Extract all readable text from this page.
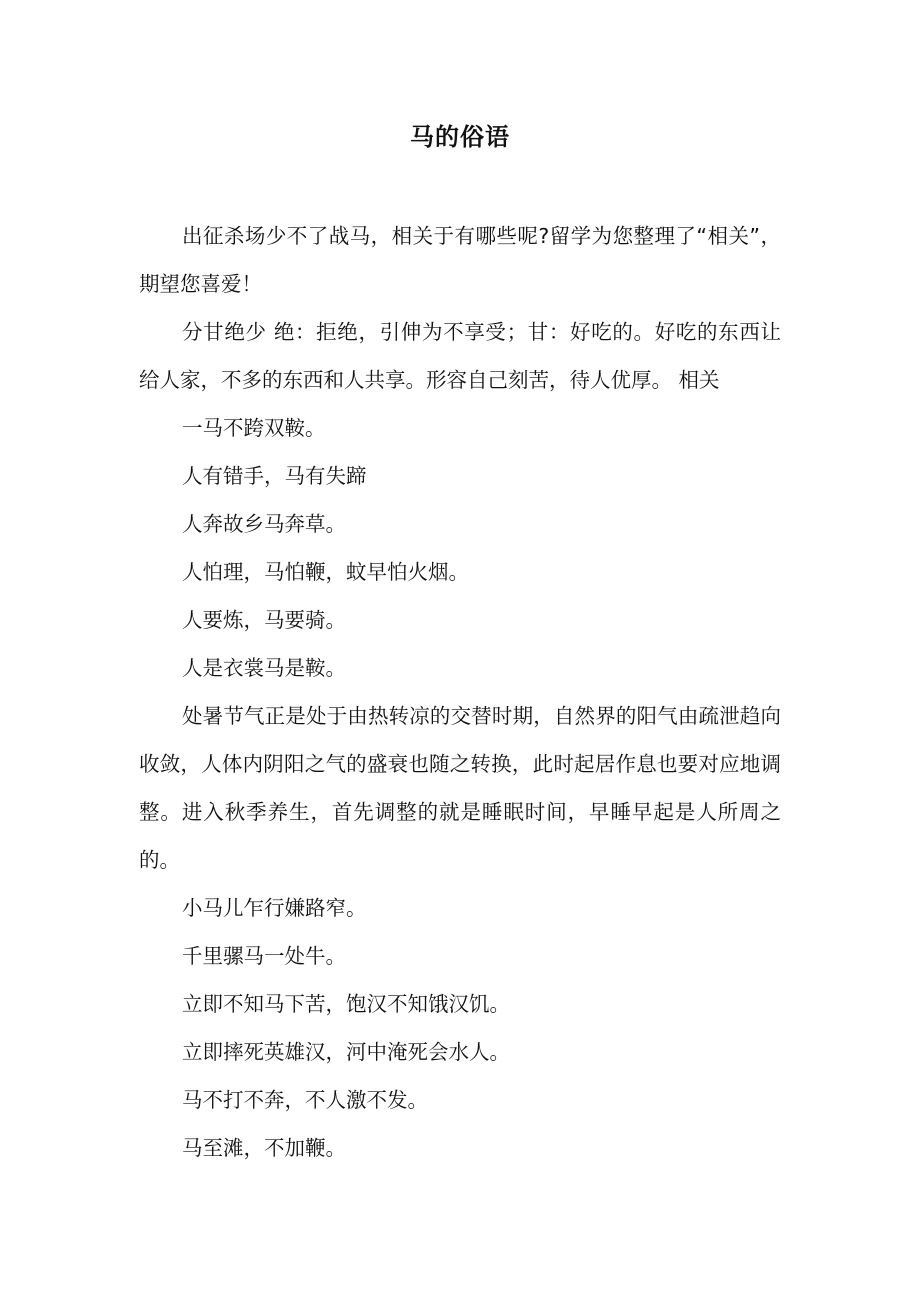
马的俗语

出征杀场少不了战马，相关于有哪些呢?留学为您整理了“相关”，期望您喜爱！

分甘绝少 绝：拒绝，引伸为不享受；甘：好吃的。好吃的东西让给人家，不多的东西和人共享。形容自己刻苦，待人优厚。 相关

一马不跨双鞍。

人有错手，马有失蹄

人奔故乡马奔草。

人怕理，马怕鞭，蚊早怕火烟。

人要炼，马要骑。

人是衣裳马是鞍。

处暑节气正是处于由热转凉的交替时期，自然界的阳气由疏泄趋向收敛，人体内阴阳之气的盛衰也随之转换，此时起居作息也要对应地调整。进入秋季养生，首先调整的就是睡眠时间，早睡早起是人所周之的。

小马儿乍行嫌路窄。

千里骡马一处牛。

立即不知马下苦，饱汉不知饿汉饥。

立即摔死英雄汉，河中淹死会水人。

马不打不奔，不人激不发。

马至滩，不加鞭。
